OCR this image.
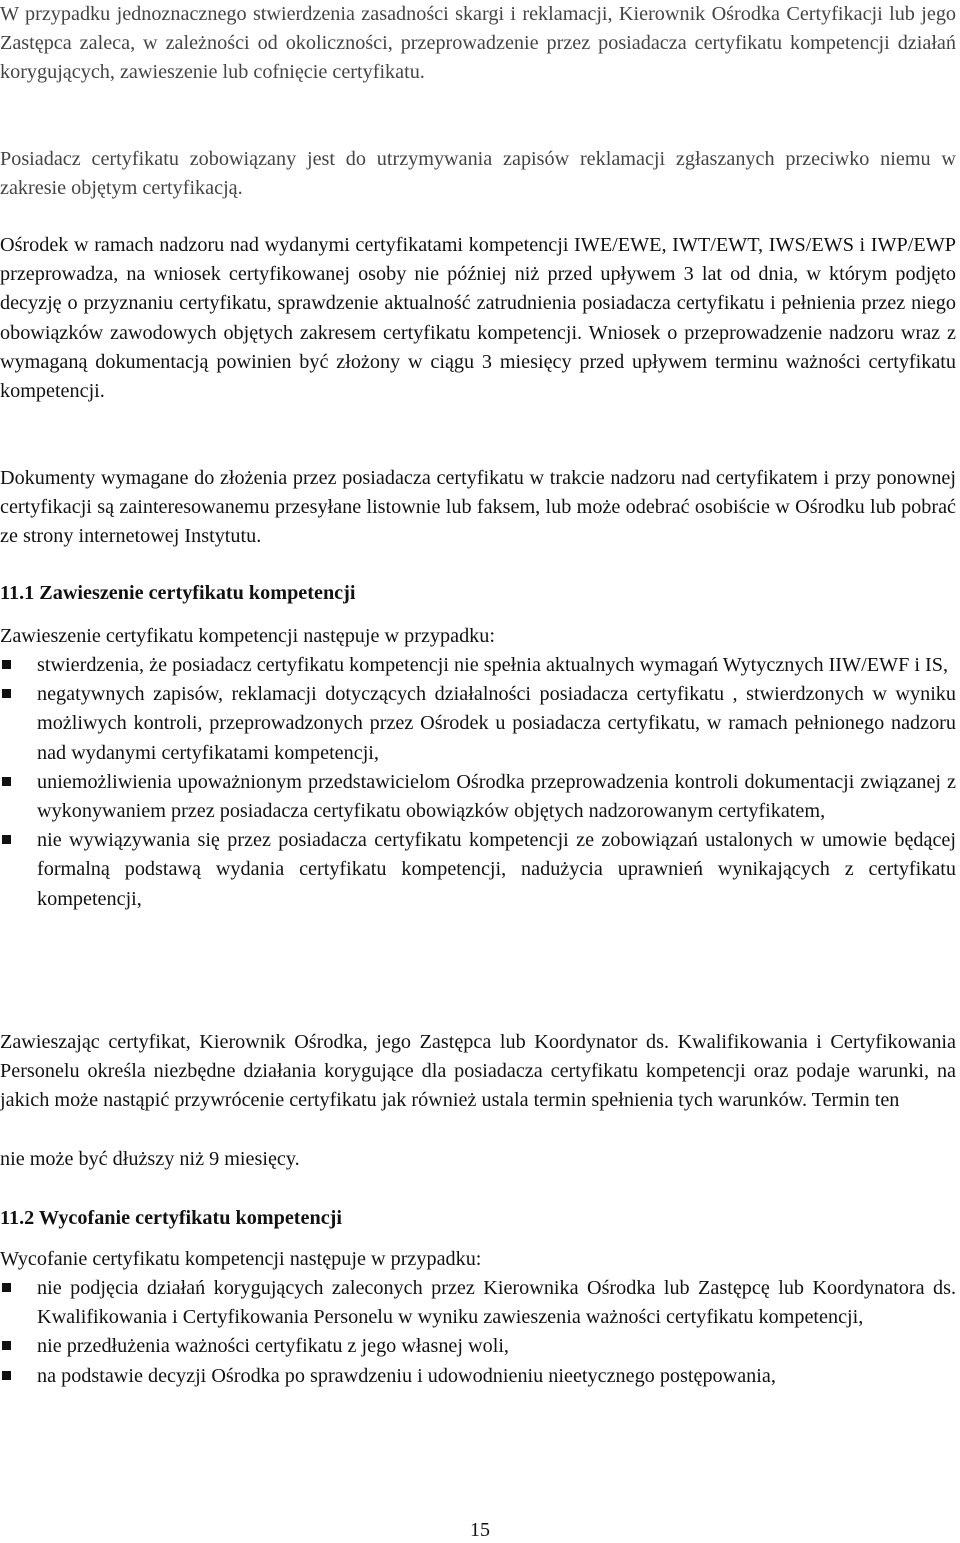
W przypadku jednoznacznego stwierdzenia zasadności skargi i reklamacji, Kierownik Ośrodka Certyfikacji lub jego Zastępca zaleca, w zależności od okoliczności, przeprowadzenie przez posiadacza certyfikatu kompetencji działań korygujących, zawieszenie lub cofnięcie certyfikatu.
Posiadacz certyfikatu zobowiązany jest do utrzymywania zapisów reklamacji zgłaszanych przeciwko niemu w zakresie objętym certyfikacją.
Ośrodek w ramach nadzoru nad wydanymi certyfikatami kompetencji IWE/EWE, IWT/EWT, IWS/EWS i IWP/EWP przeprowadza, na wniosek certyfikowanej osoby nie później niż przed upływem 3 lat od dnia, w którym podjęto decyzję o przyznaniu certyfikatu, sprawdzenie aktualność zatrudnienia posiadacza certyfikatu i pełnienia przez niego obowiązków zawodowych objętych zakresem certyfikatu kompetencji. Wniosek o przeprowadzenie nadzoru wraz z wymaganą dokumentacją powinien być złożony w ciągu 3 miesięcy przed upływem terminu ważności certyfikatu kompetencji.
Dokumenty wymagane do złożenia przez posiadacza certyfikatu w trakcie nadzoru nad certyfikatem i przy ponownej certyfikacji są zainteresowanemu przesyłane listownie lub faksem, lub może odebrać osobiście w Ośrodku lub pobrać ze strony internetowej Instytutu.
11.1 Zawieszenie certyfikatu kompetencji
Zawieszenie certyfikatu kompetencji następuje w przypadku:
stwierdzenia, że posiadacz certyfikatu kompetencji nie spełnia aktualnych wymagań Wytycznych IIW/EWF i IS,
negatywnych zapisów, reklamacji dotyczących działalności posiadacza certyfikatu , stwierdzonych w wyniku możliwych kontroli, przeprowadzonych przez Ośrodek u posiadacza certyfikatu, w ramach pełnionego nadzoru nad wydanymi certyfikatami kompetencji,
uniemożliwienia upoważnionym przedstawicielom Ośrodka przeprowadzenia kontroli dokumentacji związanej z wykonywaniem przez posiadacza certyfikatu obowiązków objętych nadzorowanym certyfikatem,
nie wywiązywania się przez posiadacza certyfikatu kompetencji ze zobowiązań ustalonych w umowie będącej formalną podstawą wydania certyfikatu kompetencji, nadużycia uprawnień wynikających z certyfikatu kompetencji,
Zawieszając certyfikat, Kierownik Ośrodka, jego Zastępca lub Koordynator ds. Kwalifikowania i Certyfikowania Personelu określa niezbędne działania korygujące dla posiadacza certyfikatu kompetencji oraz podaje warunki, na jakich może nastąpić przywrócenie certyfikatu jak również ustala termin spełnienia tych warunków. Termin ten
nie może być dłuższy niż 9 miesięcy.
11.2 Wycofanie certyfikatu kompetencji
Wycofanie certyfikatu kompetencji następuje w przypadku:
nie podjęcia działań korygujących zaleconych przez Kierownika Ośrodka lub Zastępcę lub Koordynatora ds. Kwalifikowania i Certyfikowania Personelu w wyniku zawieszenia ważności certyfikatu kompetencji,
nie przedłużenia ważności certyfikatu z jego własnej woli,
na podstawie decyzji Ośrodka po sprawdzeniu i udowodnieniu nieetycznego postępowania,
15
